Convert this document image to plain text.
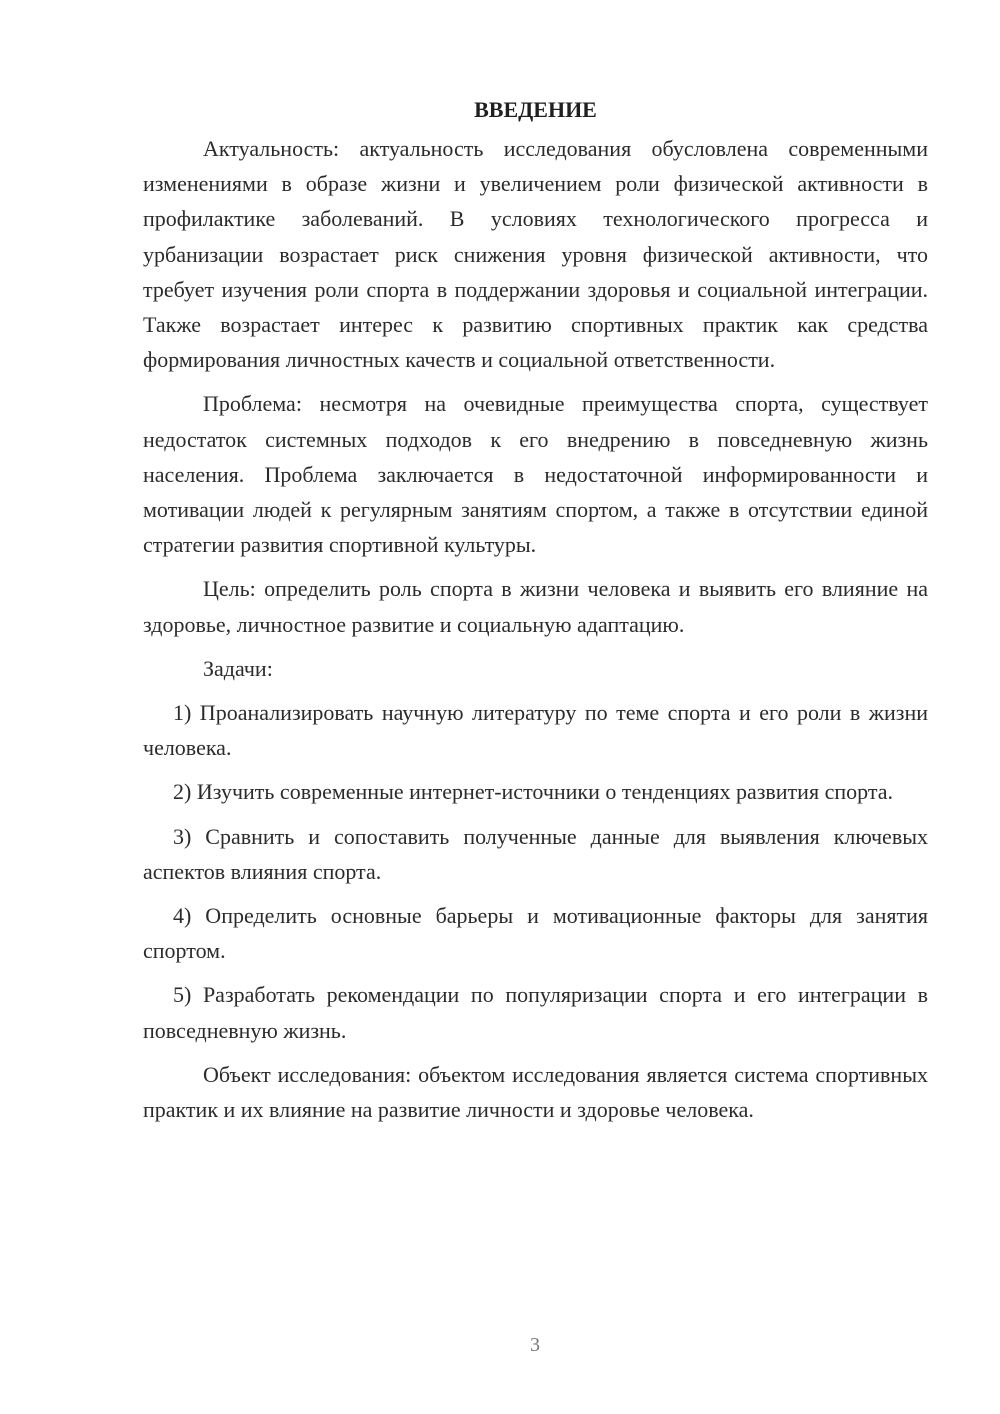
ВВЕДЕНИЕ

Актуальность: актуальность исследования обусловлена современными изменениями в образе жизни и увеличением роли физической активности в профилактике заболеваний. В условиях технологического прогресса и урбанизации возрастает риск снижения уровня физической активности, что требует изучения роли спорта в поддержании здоровья и социальной интеграции. Также возрастает интерес к развитию спортивных практик как средства формирования личностных качеств и социальной ответственности.

Проблема: несмотря на очевидные преимущества спорта, существует недостаток системных подходов к его внедрению в повседневную жизнь населения. Проблема заключается в недостаточной информированности и мотивации людей к регулярным занятиям спортом, а также в отсутствии единой стратегии развития спортивной культуры.

Цель: определить роль спорта в жизни человека и выявить его влияние на здоровье, личностное развитие и социальную адаптацию.

Задачи:

1) Проанализировать научную литературу по теме спорта и его роли в жизни человека.

2) Изучить современные интернет-источники о тенденциях развития спорта.

3) Сравнить и сопоставить полученные данные для выявления ключевых аспектов влияния спорта.

4) Определить основные барьеры и мотивационные факторы для занятия спортом.

5) Разработать рекомендации по популяризации спорта и его интеграции в повседневную жизнь.

Объект исследования: объектом исследования является система спортивных практик и их влияние на развитие личности и здоровье человека.

3
